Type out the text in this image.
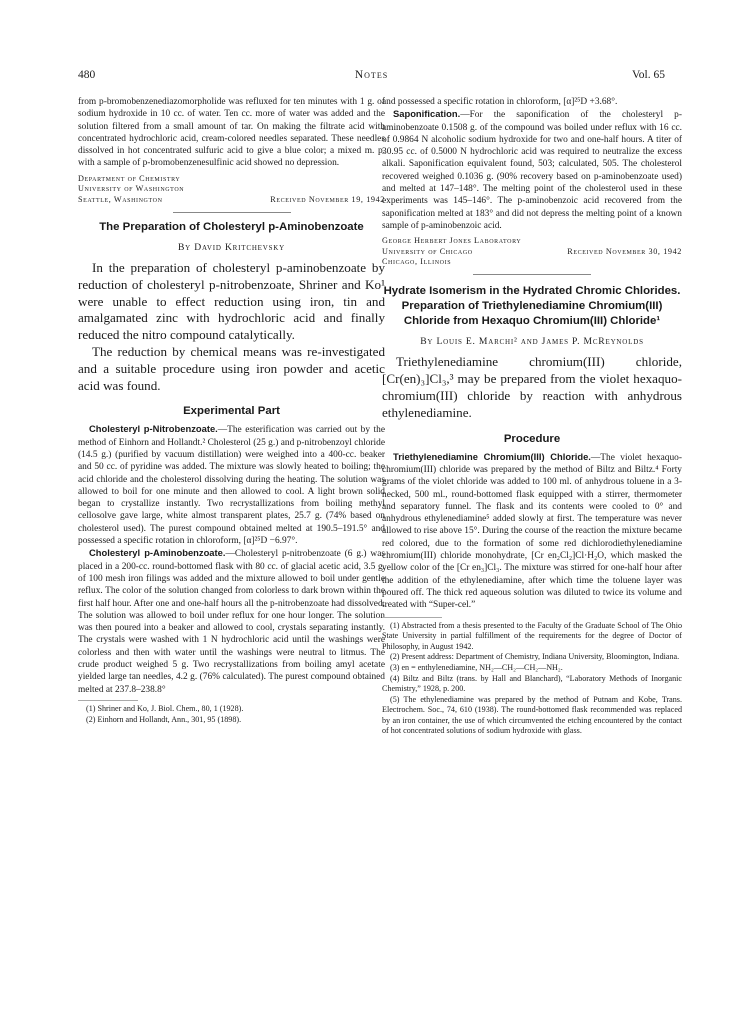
480	Notes	Vol. 65

from p-bromobenzenediazomorpholide was refluxed for ten minutes with 1 g. of sodium hydroxide in 10 cc. of water. Ten cc. more of water was added and the solution filtered from a small amount of tar. On making the filtrate acid with concentrated hydrochloric acid, cream-colored needles separated. These needles dissolved in hot concentrated sulfuric acid to give a blue color; a mixed m. p. with a sample of p-bromobenzenesulfinic acid showed no depression.

Department of Chemistry
University of Washington
Seattle, Washington	Received November 19, 1942
The Preparation of Cholesteryl p-Aminobenzoate
By David Kritchevsky

In the preparation of cholesteryl p-aminobenzoate by reduction of cholesteryl p-nitrobenzoate, Shriner and Ko¹ were unable to effect reduction using iron, tin and amalgamated zinc with hydrochloric acid and finally reduced the nitro compound catalytically.

The reduction by chemical means was re-investigated and a suitable procedure using iron powder and acetic acid was found.

Experimental Part

Cholesteryl p-Nitrobenzoate.—The esterification was carried out by the method of Einhorn and Hollandt.² Cholesterol (25 g.) and p-nitrobenzoyl chloride (14.5 g.) (purified by vacuum distillation) were weighed into a 400-cc. beaker and 50 cc. of pyridine was added. The mixture was slowly heated to boiling; the acid chloride and the cholesterol dissolving during the heating. The solution was allowed to boil for one minute and then allowed to cool. A light brown solid began to crystallize instantly. Two recrystallizations from boiling methyl cellosolve gave large, white almost transparent plates, 25.7 g. (74% based on cholesterol used). The purest compound obtained melted at 190.5–191.5° and possessed a specific rotation in chloroform, [α]²⁵D −6.97°.

Cholesteryl p-Aminobenzoate.—Cholesteryl p-nitrobenzoate (6 g.) was placed in a 200-cc. round-bottomed flask with 80 cc. of glacial acetic acid, 3.5 g. of 100 mesh iron filings was added and the mixture allowed to boil under gentle reflux. The color of the solution changed from colorless to dark brown within the first half hour. After one and one-half hours all the p-nitrobenzoate had dissolved. The solution was allowed to boil under reflux for one hour longer. The solution was then poured into a beaker and allowed to cool, crystals separating instantly. The crystals were washed with 1 N hydrochloric acid until the washings were colorless and then with water until the washings were neutral to litmus. The crude product weighed 5 g. Two recrystallizations from boiling amyl acetate yielded large tan needles, 4.2 g. (76% calculated). The purest compound obtained melted at 237.8–238.8°

(1) Shriner and Ko, J. Biol. Chem., 80, 1 (1928).

(2) Einhorn and Hollandt, Ann., 301, 95 (1898).

and possessed a specific rotation in chloroform, [α]²⁵D +3.68°.

Saponification.—For the saponification of the cholesteryl p-aminobenzoate 0.1508 g. of the compound was boiled under reflux with 16 cc. of 0.9864 N alcoholic sodium hydroxide for two and one-half hours. A titer of 30.95 cc. of 0.5000 N hydrochloric acid was required to neutralize the excess alkali. Saponification equivalent found, 503; calculated, 505. The cholesterol recovered weighed 0.1036 g. (90% recovery based on p-aminobenzoate used) and melted at 147–148°. The melting point of the cholesterol used in these experiments was 145–146°. The p-aminobenzoic acid recovered from the saponification melted at 183° and did not depress the melting point of a known sample of p-aminobenzoic acid.

George Herbert Jones Laboratory
University of Chicago	Received November 30, 1942
Chicago, Illinois
Hydrate Isomerism in the Hydrated Chromic Chlorides. Preparation of Triethylenediamine Chromium(III) Chloride from Hexaquo Chromium(III) Chloride¹
By Louis E. Marchi² and James P. McReynolds

Triethylenediamine chromium(III) chloride, [Cr(en)₃]Cl₃,³ may be prepared from the violet hexaquo-chromium(III) chloride by reaction with anhydrous ethylenediamine.

Procedure

Triethylenediamine Chromium(III) Chloride.—The violet hexaquo-chromium(III) chloride was prepared by the method of Biltz and Biltz.⁴ Forty grams of the violet chloride was added to 100 ml. of anhydrous toluene in a 3-necked, 500 ml., round-bottomed flask equipped with a stirrer, thermometer and separatory funnel. The flask and its contents were cooled to 0° and anhydrous ethylenediamine⁵ added slowly at first. The temperature was never allowed to rise above 15°. During the course of the reaction the mixture became red colored, due to the formation of some red dichlorodiethylenediamine chromium(III) chloride monohydrate, [Cr en₂Cl₂]Cl·H₂O, which masked the yellow color of the [Cr en₃]Cl₃. The mixture was stirred for one-half hour after the addition of the ethylenediamine, after which time the toluene layer was poured off. The thick red aqueous solution was diluted to twice its volume and treated with “Super-cel.”

(1) Abstracted from a thesis presented to the Faculty of the Graduate School of The Ohio State University in partial fulfillment of the requirements for the degree of Doctor of Philosophy, in August 1942.

(2) Present address: Department of Chemistry, Indiana University, Bloomington, Indiana.

(3) en = enthylenediamine, NH₂—CH₂—CH₂—NH₂.

(4) Biltz and Biltz (trans. by Hall and Blanchard), “Laboratory Methods of Inorganic Chemistry,” 1928, p. 200.

(5) The ethylenediamine was prepared by the method of Putnam and Kobe, Trans. Electrochem. Soc., 74, 610 (1938). The round-bottomed flask recommended was replaced by an iron container, the use of which circumvented the etching encountered by the contact of hot concentrated solutions of sodium hydroxide with glass.
